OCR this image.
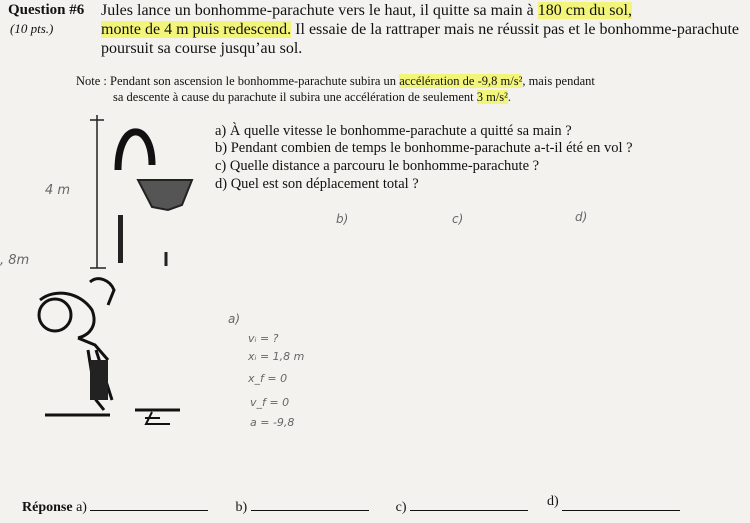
Question #6
(10 pts.)
Jules lance un bonhomme-parachute vers le haut, il quitte sa main à 180 cm du sol,
monte de 4 m puis redescend. Il essaie de la rattraper mais ne réussit pas et le bonhomme-parachute
poursuit sa course jusqu’au sol.
Note : Pendant son ascension le bonhomme-parachute subira un accélération de -9,8 m/s², mais pendant
sa descente à cause du parachute il subira une accélération de seulement 3 m/s².
4 m
, 8m
a) À quelle vitesse le bonhomme-parachute a quitté sa main ?
b) Pendant combien de temps le bonhomme-parachute a-t-il été en vol ?
c) Quelle distance a parcouru le bonhomme-parachute ?
d) Quel est son déplacement total ?
b)	c)	d)
a)
vᵢ = ?
xᵢ = 1,8 m
x_f = 0
v_f = 0
a = -9,8
Réponse a)	b)	c)	d)
